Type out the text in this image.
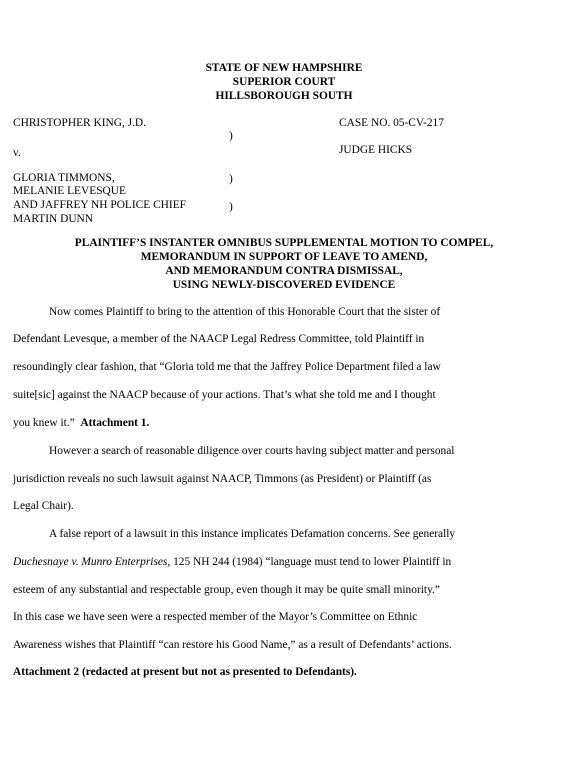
STATE OF NEW HAMPSHIRE
SUPERIOR COURT
HILLSBOROUGH SOUTH
CHRISTOPHER KING, J.D.
v.
GLORIA TIMMONS,
MELANIE LEVESQUE
AND JAFFREY NH POLICE CHIEF
MARTIN DUNN
)
)
)
CASE NO. 05-CV-217
JUDGE HICKS
PLAINTIFF’S INSTANTER OMNIBUS SUPPLEMENTAL MOTION TO COMPEL,
MEMORANDUM IN SUPPORT OF LEAVE TO AMEND,
AND MEMORANDUM CONTRA DISMISSAL,
USING NEWLY-DISCOVERED EVIDENCE
Now comes Plaintiff to bring to the attention of this Honorable Court that the sister of
Defendant Levesque, a member of the NAACP Legal Redress Committee, told Plaintiff in
resoundingly clear fashion, that “Gloria told me that the Jaffrey Police Department filed a law
suite[sic] against the NAACP because of your actions. That’s what she told me and I thought
you knew it.” Attachment 1.
However a search of reasonable diligence over courts having subject matter and personal
jurisdiction reveals no such lawsuit against NAACP, Timmons (as President) or Plaintiff (as
Legal Chair).
A false report of a lawsuit in this instance implicates Defamation concerns. See generally
Duchesnaye v. Munro Enterprises, 125 NH 244 (1984) “language must tend to lower Plaintiff in
esteem of any substantial and respectable group, even though it may be quite small minority.”
In this case we have seen were a respected member of the Mayor’s Committee on Ethnic
Awareness wishes that Plaintiff “can restore his Good Name,” as a result of Defendants’ actions.
Attachment 2 (redacted at present but not as presented to Defendants).
